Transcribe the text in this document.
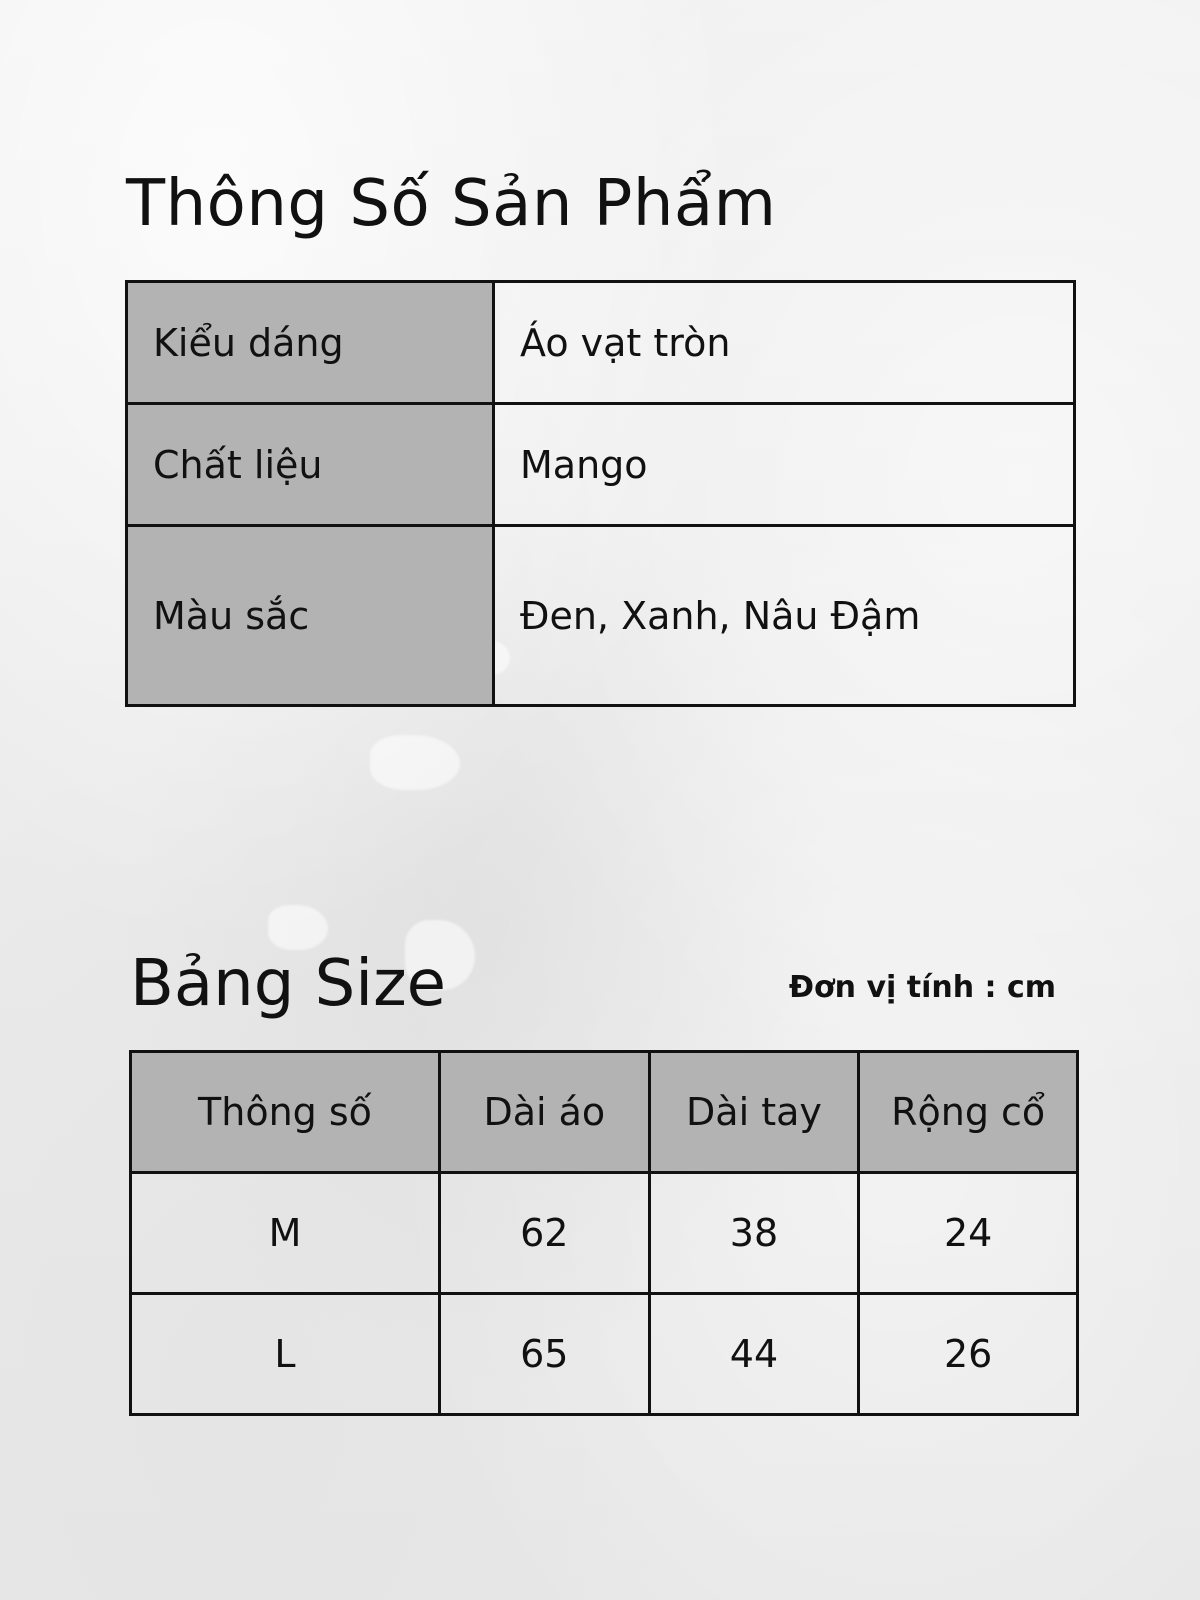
Thông Số Sản Phẩm
Kiểu dáng	Áo vạt tròn
Chất liệu	Mango
Màu sắc	Đen, Xanh, Nâu Đậm
Bảng Size	Đơn vị tính : cm
Thông số	Dài áo	Dài tay	Rộng cổ
M	62	38	24
L	65	44	26
